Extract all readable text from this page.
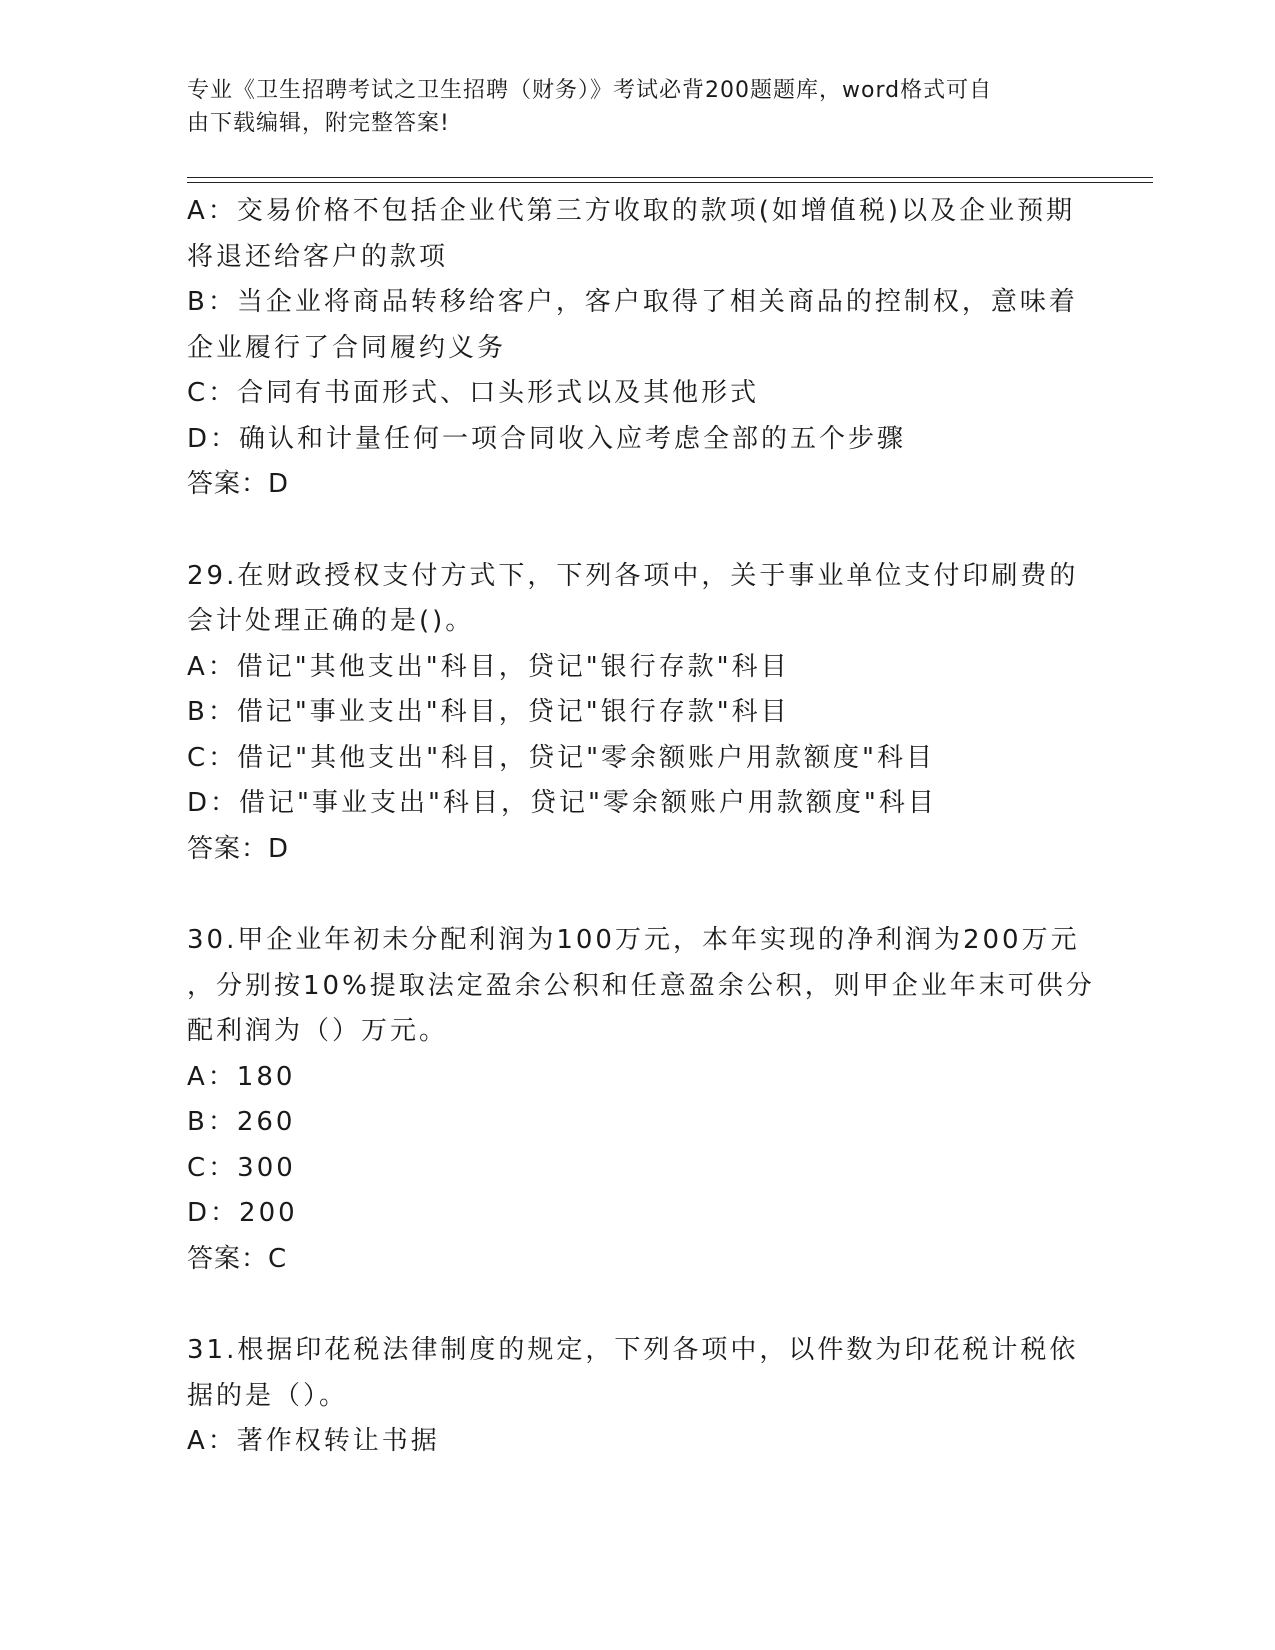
专业《卫生招聘考试之卫生招聘（财务）》考试必背200题题库，word格式可自
由下载编辑，附完整答案!
A：交易价格不包括企业代第三方收取的款项(如增值税)以及企业预期
将退还给客户的款项
B：当企业将商品转移给客户，客户取得了相关商品的控制权，意味着
企业履行了合同履约义务
C：合同有书面形式、口头形式以及其他形式
D：确认和计量任何一项合同收入应考虑全部的五个步骤
答案：D
29.在财政授权支付方式下，下列各项中，关于事业单位支付印刷费的
会计处理正确的是()。
A：借记"其他支出"科目，贷记"银行存款"科目
B：借记"事业支出"科目，贷记"银行存款"科目
C：借记"其他支出"科目，贷记"零余额账户用款额度"科目
D：借记"事业支出"科目，贷记"零余额账户用款额度"科目
答案：D
30.甲企业年初未分配利润为100万元，本年实现的净利润为200万元
，分别按10%提取法定盈余公积和任意盈余公积，则甲企业年末可供分
配利润为（）万元。
A：180
B：260
C：300
D：200
答案：C
31.根据印花税法律制度的规定，下列各项中，以件数为印花税计税依
据的是（）。
A：著作权转让书据
